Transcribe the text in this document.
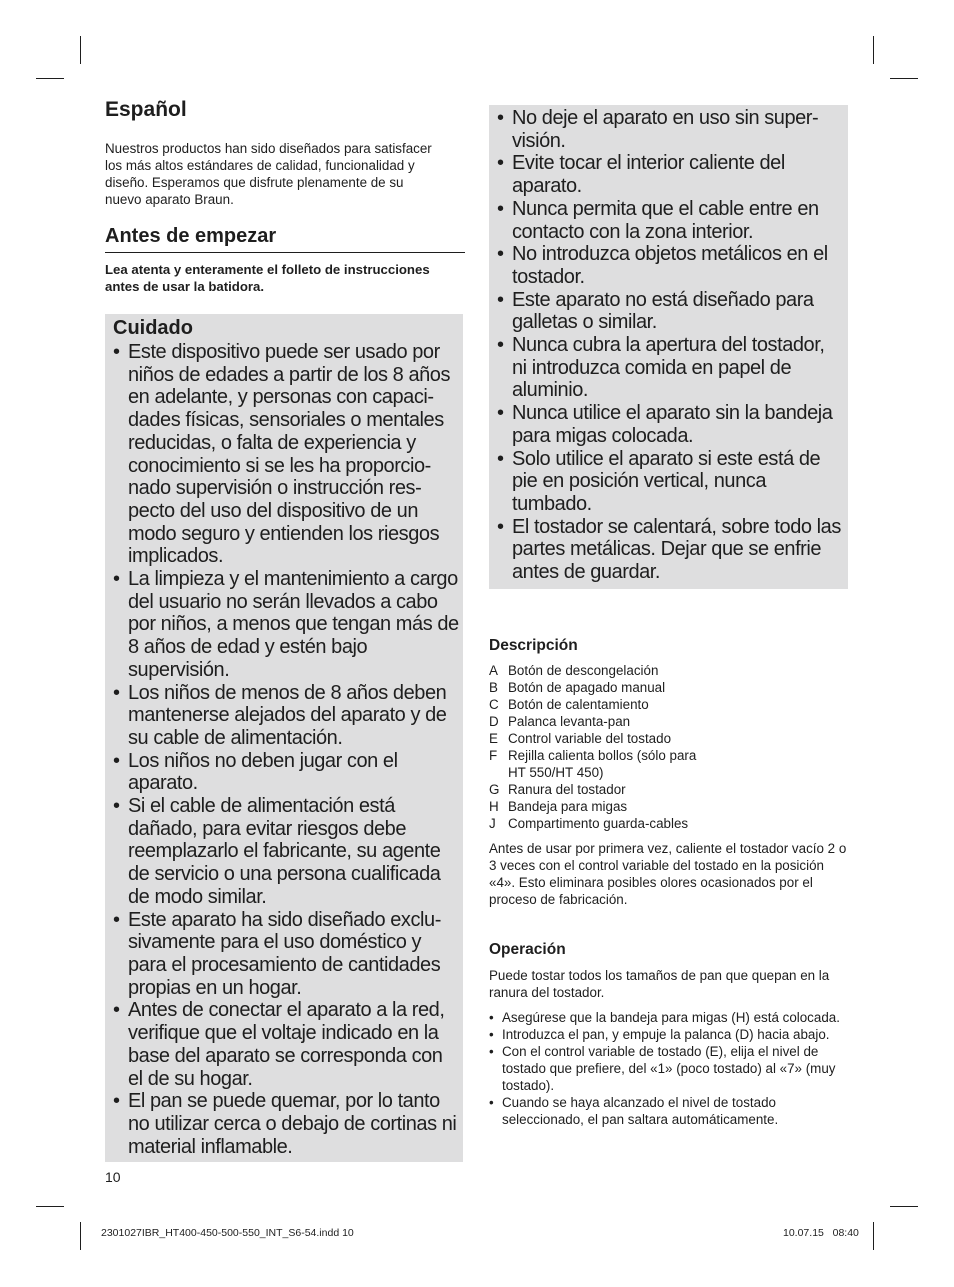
Español

Nuestros productos han sido diseñados para satisfacer los más altos estándares de calidad, funcionalidad y diseño. Esperamos que disfrute plenamente de su nuevo aparato Braun.

Antes de empezar

Lea atenta y enteramente el folleto de instrucciones antes de usar la batidora.

Cuidado
• Este dispositivo puede ser usado por niños de edades a partir de los 8 años en adelante, y personas con capaci-dades físicas, sensoriales o mentales reducidas, o falta de experiencia y conocimiento si se les ha proporcio-nado supervisión o instrucción res-pecto del uso del dispositivo de un modo seguro y entienden los riesgos implicados.
• La limpieza y el mantenimiento a cargo del usuario no serán llevados a cabo por niños, a menos que tengan más de 8 años de edad y estén bajo supervisión.
• Los niños de menos de 8 años deben mantenerse alejados del aparato y de su cable de alimentación.
• Los niños no deben jugar con el aparato.
• Si el cable de alimentación está dañado, para evitar riesgos debe reemplazarlo el fabricante, su agente de servicio o una persona cualificada de modo similar.
• Este aparato ha sido diseñado exclu-sivamente para el uso doméstico y para el procesamiento de cantidades propias en un hogar.
• Antes de conectar el aparato a la red, verifique que el voltaje indicado en la base del aparato se corresponda con el de su hogar.
• El pan se puede quemar, por lo tanto no utilizar cerca o debajo de cortinas ni material inflamable.
• No deje el aparato en uso sin super-visión.
• Evite tocar el interior caliente del aparato.
• Nunca permita que el cable entre en contacto con la zona interior.
• No introduzca objetos metálicos en el tostador.
• Este aparato no está diseñado para galletas o similar.
• Nunca cubra la apertura del tostador, ni introduzca comida en papel de aluminio.
• Nunca utilice el aparato sin la bandeja para migas colocada.
• Solo utilice el aparato si este está de pie en posición vertical, nunca tumbado.
• El tostador se calentará, sobre todo las partes metálicas. Dejar que se enfrie antes de guardar.
Descripción
A Botón de descongelación
B Botón de apagado manual
C Botón de calentamiento
D Palanca levanta-pan
E Control variable del tostado
F Rejilla calienta bollos (sólo para HT 550/HT 450)
G Ranura del tostador
H Bandeja para migas
J Compartimento guarda-cables

Antes de usar por primera vez, caliente el tostador vacío 2 o 3 veces con el control variable del tostado en la posición «4». Esto eliminara posibles olores ocasionados por el proceso de fabricación.

Operación

Puede tostar todos los tamaños de pan que quepan en la ranura del tostador.

• Asegúrese que la bandeja para migas (H) está colocada.
• Introduzca el pan, y empuje la palanca (D) hacia abajo.
• Con el control variable de tostado (E), elija el nivel de tostado que prefiere, del «1» (poco tostado) al «7» (muy tostado).
• Cuando se haya alcanzado el nivel de tostado seleccionado, el pan saltara automáticamente.

10

2301027IBR_HT400-450-500-550_INT_S6-54.indd 10	10.07.15   08:40
